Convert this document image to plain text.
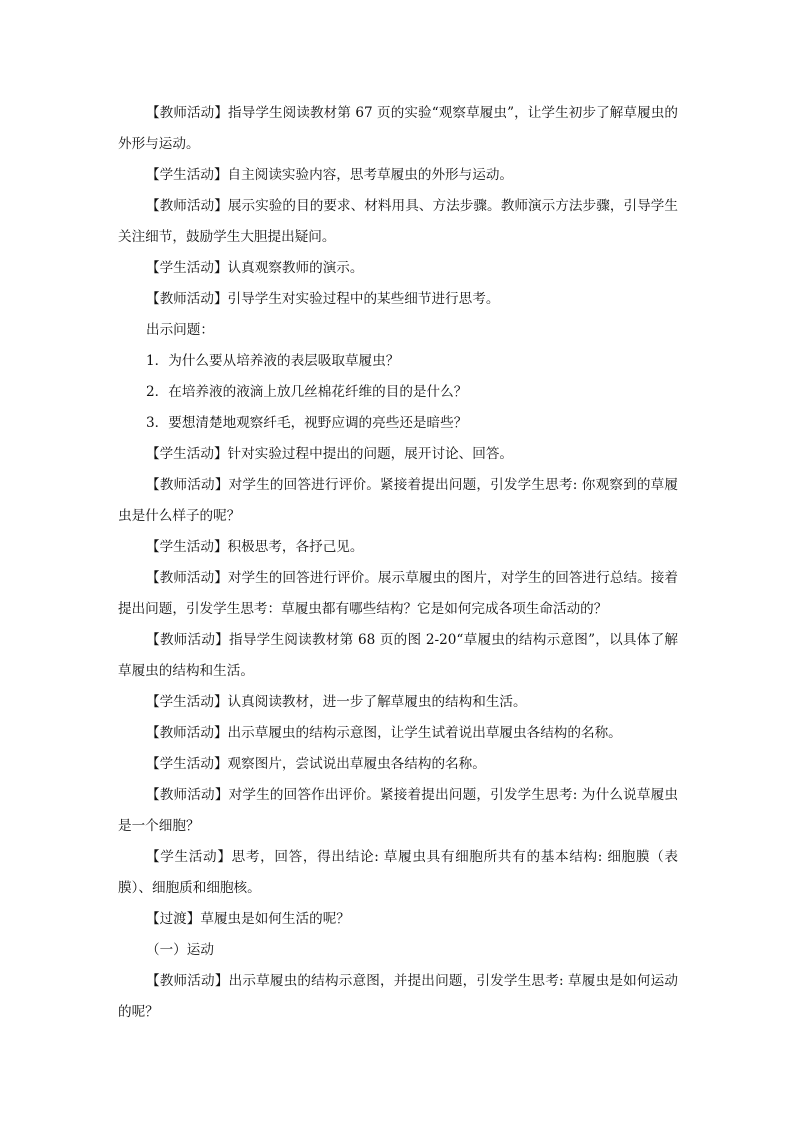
【教师活动】指导学生阅读教材第 67 页的实验“观察草履虫”，让学生初步了解草履虫的外形与运动。

【学生活动】自主阅读实验内容，思考草履虫的外形与运动。

【教师活动】展示实验的目的要求、材料用具、方法步骤。教师演示方法步骤，引导学生关注细节，鼓励学生大胆提出疑问。

【学生活动】认真观察教师的演示。

【教师活动】引导学生对实验过程中的某些细节进行思考。

出示问题：

1．为什么要从培养液的表层吸取草履虫？

2．在培养液的液滴上放几丝棉花纤维的目的是什么？

3．要想清楚地观察纤毛，视野应调的亮些还是暗些？

【学生活动】针对实验过程中提出的问题，展开讨论、回答。

【教师活动】对学生的回答进行评价。紧接着提出问题，引发学生思考: 你观察到的草履虫是什么样子的呢？

【学生活动】积极思考，各抒己见。

【教师活动】对学生的回答进行评价。展示草履虫的图片，对学生的回答进行总结。接着提出问题，引发学生思考：草履虫都有哪些结构？它是如何完成各项生命活动的？

【教师活动】指导学生阅读教材第 68 页的图 2-20“草履虫的结构示意图”，以具体了解草履虫的结构和生活。

【学生活动】认真阅读教材，进一步了解草履虫的结构和生活。

【教师活动】出示草履虫的结构示意图，让学生试着说出草履虫各结构的名称。

【学生活动】观察图片，尝试说出草履虫各结构的名称。

【教师活动】对学生的回答作出评价。紧接着提出问题，引发学生思考: 为什么说草履虫是一个细胞？

【学生活动】思考，回答，得出结论: 草履虫具有细胞所共有的基本结构: 细胞膜（表膜）、细胞质和细胞核。

【过渡】草履虫是如何生活的呢？

（一）运动

【教师活动】出示草履虫的结构示意图，并提出问题，引发学生思考: 草履虫是如何运动的呢？
